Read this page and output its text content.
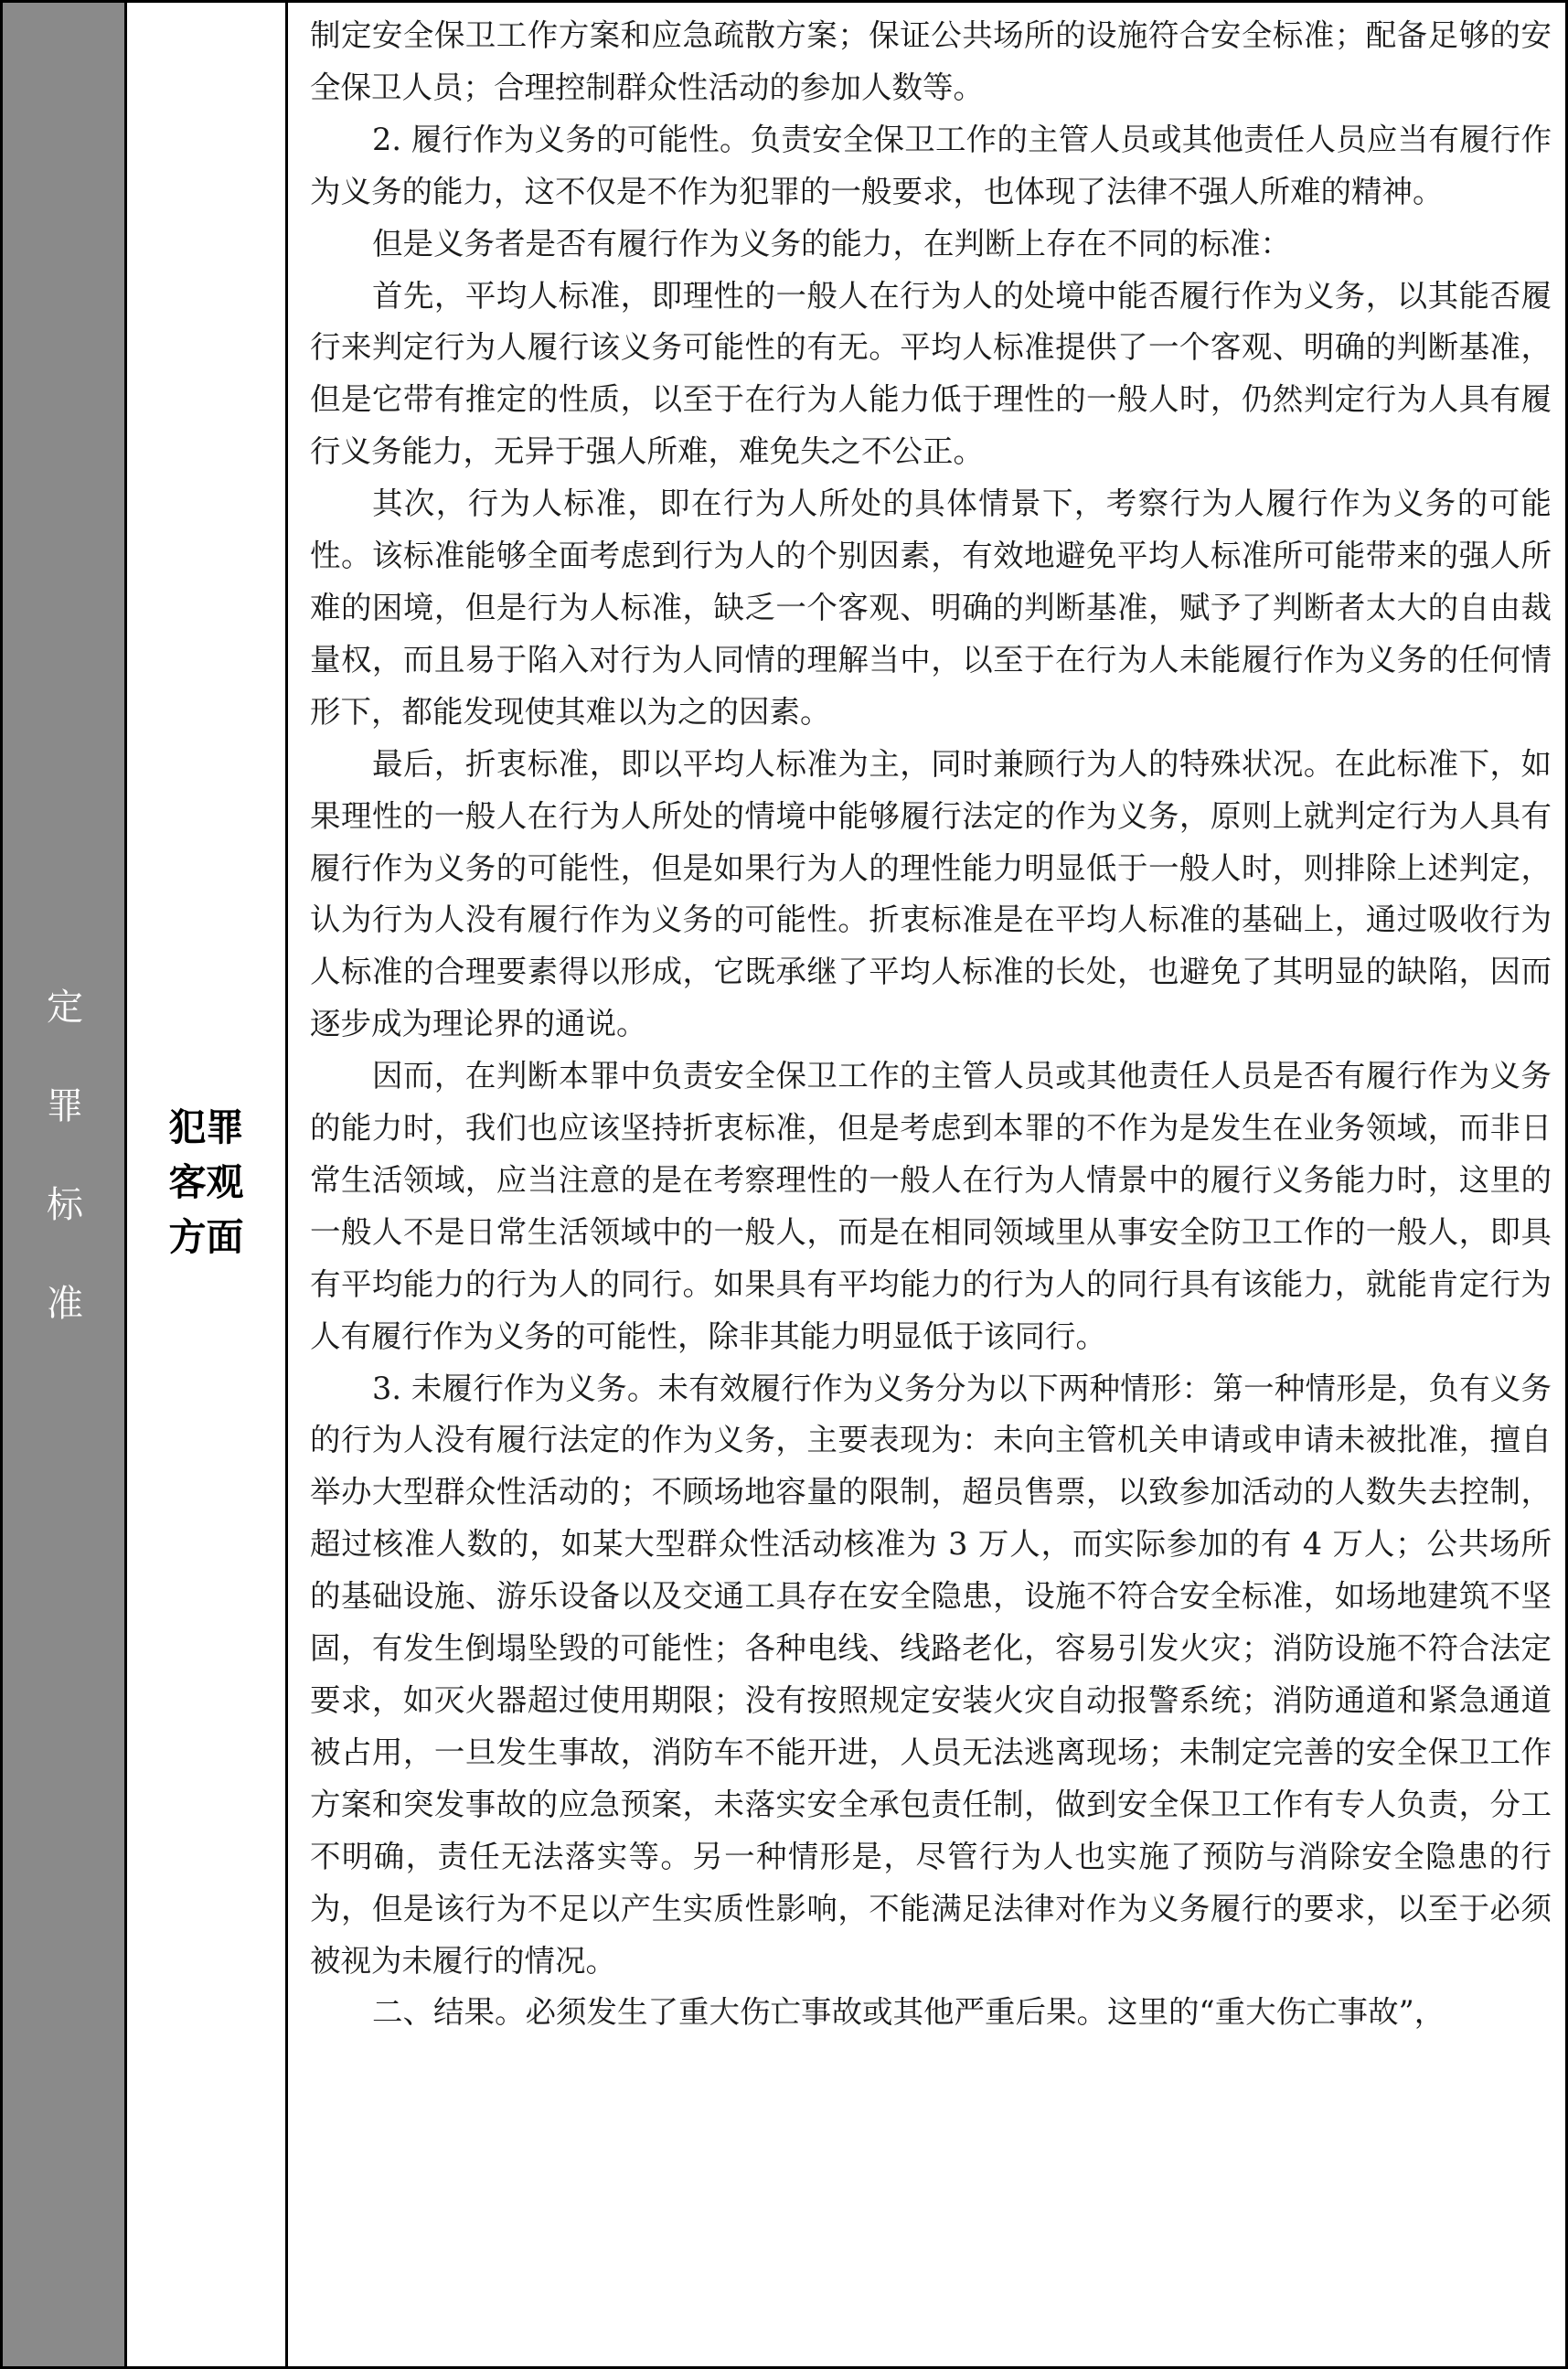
定
罪
标
准
犯罪
客观
方面

制定安全保卫工作方案和应急疏散方案；保证公共场所的设施符合安全标准；配备足够的安全保卫人员；合理控制群众性活动的参加人数等。

2. 履行作为义务的可能性。负责安全保卫工作的主管人员或其他责任人员应当有履行作为义务的能力，这不仅是不作为犯罪的一般要求，也体现了法律不强人所难的精神。

但是义务者是否有履行作为义务的能力，在判断上存在不同的标准：

首先，平均人标准，即理性的一般人在行为人的处境中能否履行作为义务，以其能否履行来判定行为人履行该义务可能性的有无。平均人标准提供了一个客观、明确的判断基准，但是它带有推定的性质，以至于在行为人能力低于理性的一般人时，仍然判定行为人具有履行义务能力，无异于强人所难，难免失之不公正。

其次，行为人标准，即在行为人所处的具体情景下，考察行为人履行作为义务的可能性。该标准能够全面考虑到行为人的个别因素，有效地避免平均人标准所可能带来的强人所难的困境，但是行为人标准，缺乏一个客观、明确的判断基准，赋予了判断者太大的自由裁量权，而且易于陷入对行为人同情的理解当中，以至于在行为人未能履行作为义务的任何情形下，都能发现使其难以为之的因素。

最后，折衷标准，即以平均人标准为主，同时兼顾行为人的特殊状况。在此标准下，如果理性的一般人在行为人所处的情境中能够履行法定的作为义务，原则上就判定行为人具有履行作为义务的可能性，但是如果行为人的理性能力明显低于一般人时，则排除上述判定，认为行为人没有履行作为义务的可能性。折衷标准是在平均人标准的基础上，通过吸收行为人标准的合理要素得以形成，它既承继了平均人标准的长处，也避免了其明显的缺陷，因而逐步成为理论界的通说。

因而，在判断本罪中负责安全保卫工作的主管人员或其他责任人员是否有履行作为义务的能力时，我们也应该坚持折衷标准，但是考虑到本罪的不作为是发生在业务领域，而非日常生活领域，应当注意的是在考察理性的一般人在行为人情景中的履行义务能力时，这里的一般人不是日常生活领域中的一般人，而是在相同领域里从事安全防卫工作的一般人，即具有平均能力的行为人的同行。如果具有平均能力的行为人的同行具有该能力，就能肯定行为人有履行作为义务的可能性，除非其能力明显低于该同行。

3. 未履行作为义务。未有效履行作为义务分为以下两种情形：第一种情形是，负有义务的行为人没有履行法定的作为义务，主要表现为：未向主管机关申请或申请未被批准，擅自举办大型群众性活动的；不顾场地容量的限制，超员售票，以致参加活动的人数失去控制，超过核准人数的，如某大型群众性活动核准为 3 万人，而实际参加的有 4 万人；公共场所的基础设施、游乐设备以及交通工具存在安全隐患，设施不符合安全标准，如场地建筑不坚固，有发生倒塌坠毁的可能性；各种电线、线路老化，容易引发火灾；消防设施不符合法定要求，如灭火器超过使用期限；没有按照规定安装火灾自动报警系统；消防通道和紧急通道被占用，一旦发生事故，消防车不能开进，人员无法逃离现场；未制定完善的安全保卫工作方案和突发事故的应急预案，未落实安全承包责任制，做到安全保卫工作有专人负责，分工不明确，责任无法落实等。另一种情形是，尽管行为人也实施了预防与消除安全隐患的行为，但是该行为不足以产生实质性影响，不能满足法律对作为义务履行的要求，以至于必须被视为未履行的情况。

二、结果。必须发生了重大伤亡事故或其他严重后果。这里的“重大伤亡事故”，
